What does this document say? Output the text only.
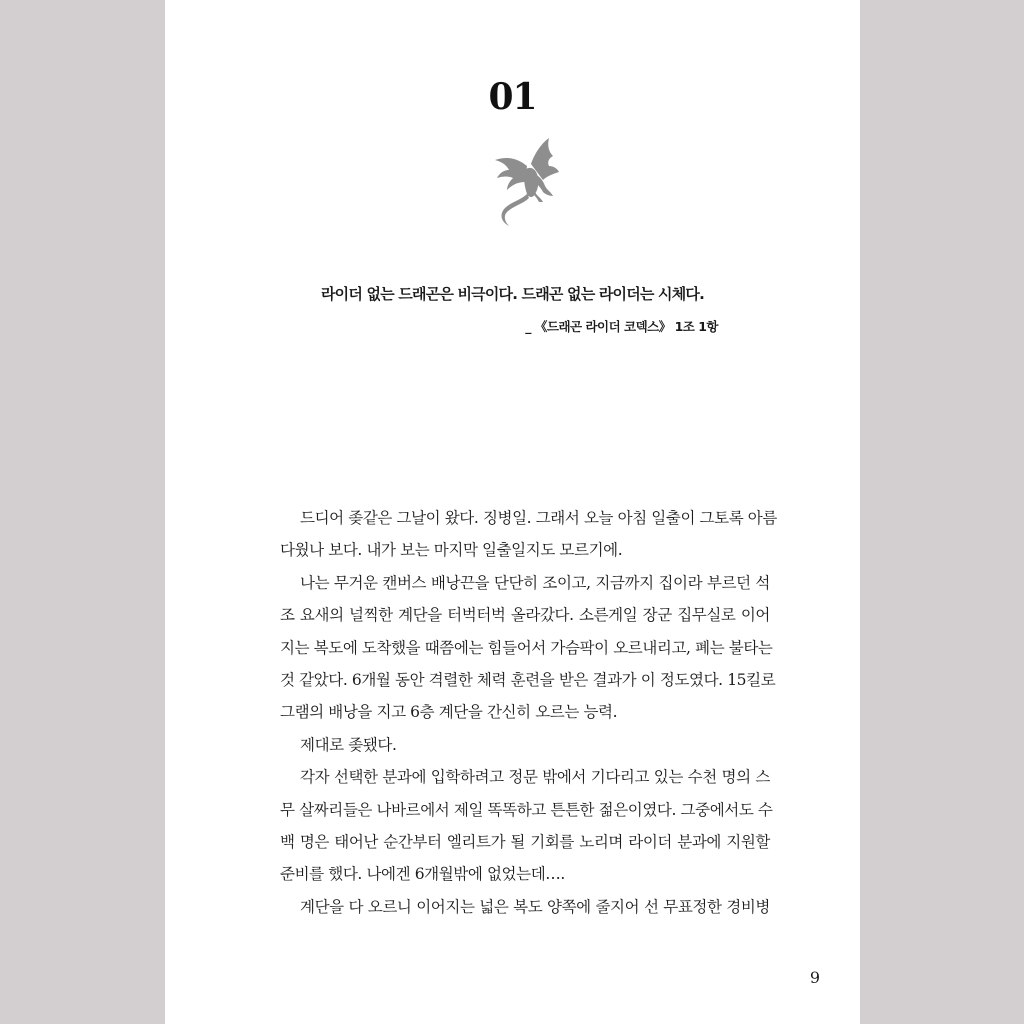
01
라이더 없는 드래곤은 비극이다. 드래곤 없는 라이더는 시체다.
_ 《드래곤 라이더 코덱스》 1조 1항
드디어 좆같은 그날이 왔다. 징병일. 그래서 오늘 아침 일출이 그토록 아름
다웠나 보다. 내가 보는 마지막 일출일지도 모르기에.
나는 무거운 캔버스 배낭끈을 단단히 조이고, 지금까지 집이라 부르던 석
조 요새의 널찍한 계단을 터벅터벅 올라갔다. 소른게일 장군 집무실로 이어
지는 복도에 도착했을 때쯤에는 힘들어서 가슴팍이 오르내리고, 폐는 불타는
것 같았다. 6개월 동안 격렬한 체력 훈련을 받은 결과가 이 정도였다. 15킬로
그램의 배낭을 지고 6층 계단을 간신히 오르는 능력.
제대로 좆됐다.
각자 선택한 분과에 입학하려고 정문 밖에서 기다리고 있는 수천 명의 스
무 살짜리들은 나바르에서 제일 똑똑하고 튼튼한 젊은이였다. 그중에서도 수
백 명은 태어난 순간부터 엘리트가 될 기회를 노리며 라이더 분과에 지원할
준비를 했다. 나에겐 6개월밖에 없었는데….
계단을 다 오르니 이어지는 넓은 복도 양쪽에 줄지어 선 무표정한 경비병
9
